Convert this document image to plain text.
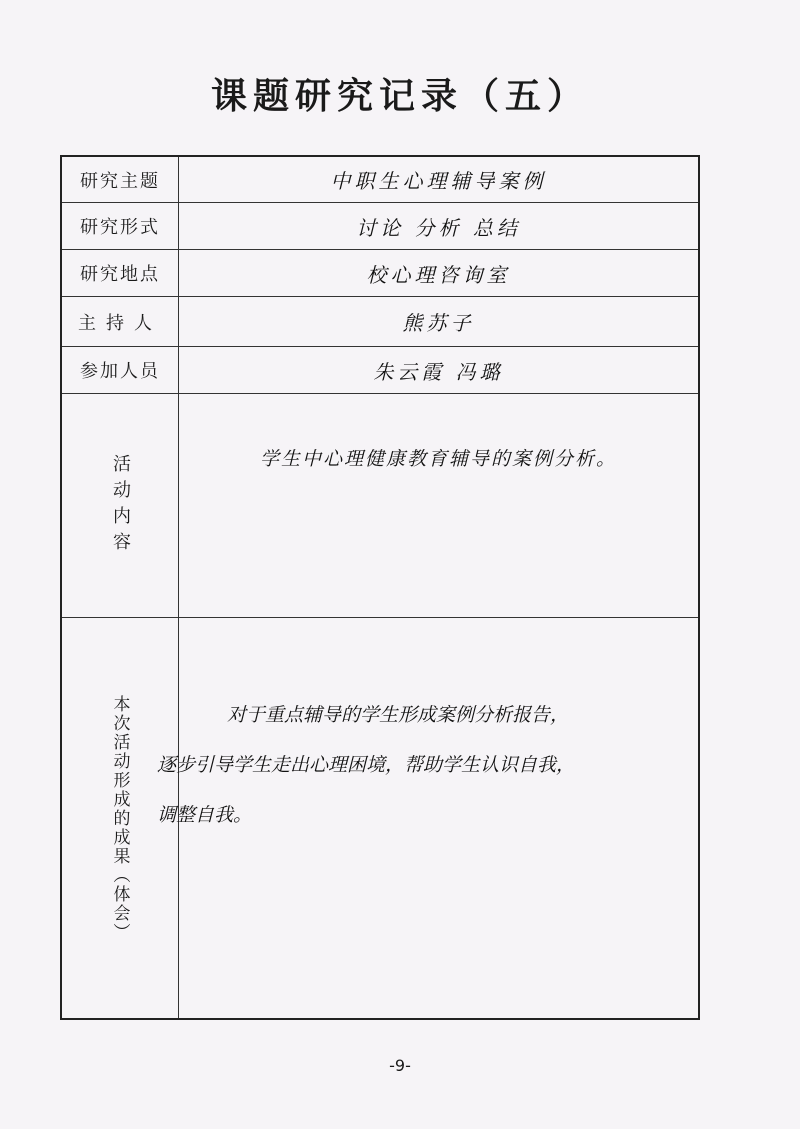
课题研究记录（五）
研究主题	中职生心理辅导案例
研究形式	讨论 分析 总结
研究地点	校心理咨询室
主持人	熊苏子
参加人员	朱云霞 冯璐
活动内容	学生中心理健康教育辅导的案例分析。
本次活动形成的成果（体会）	对于重点辅导的学生形成案例分析报告，
逐步引导学生走出心理困境，帮助学生认识自我，
调整自我。
-9-
